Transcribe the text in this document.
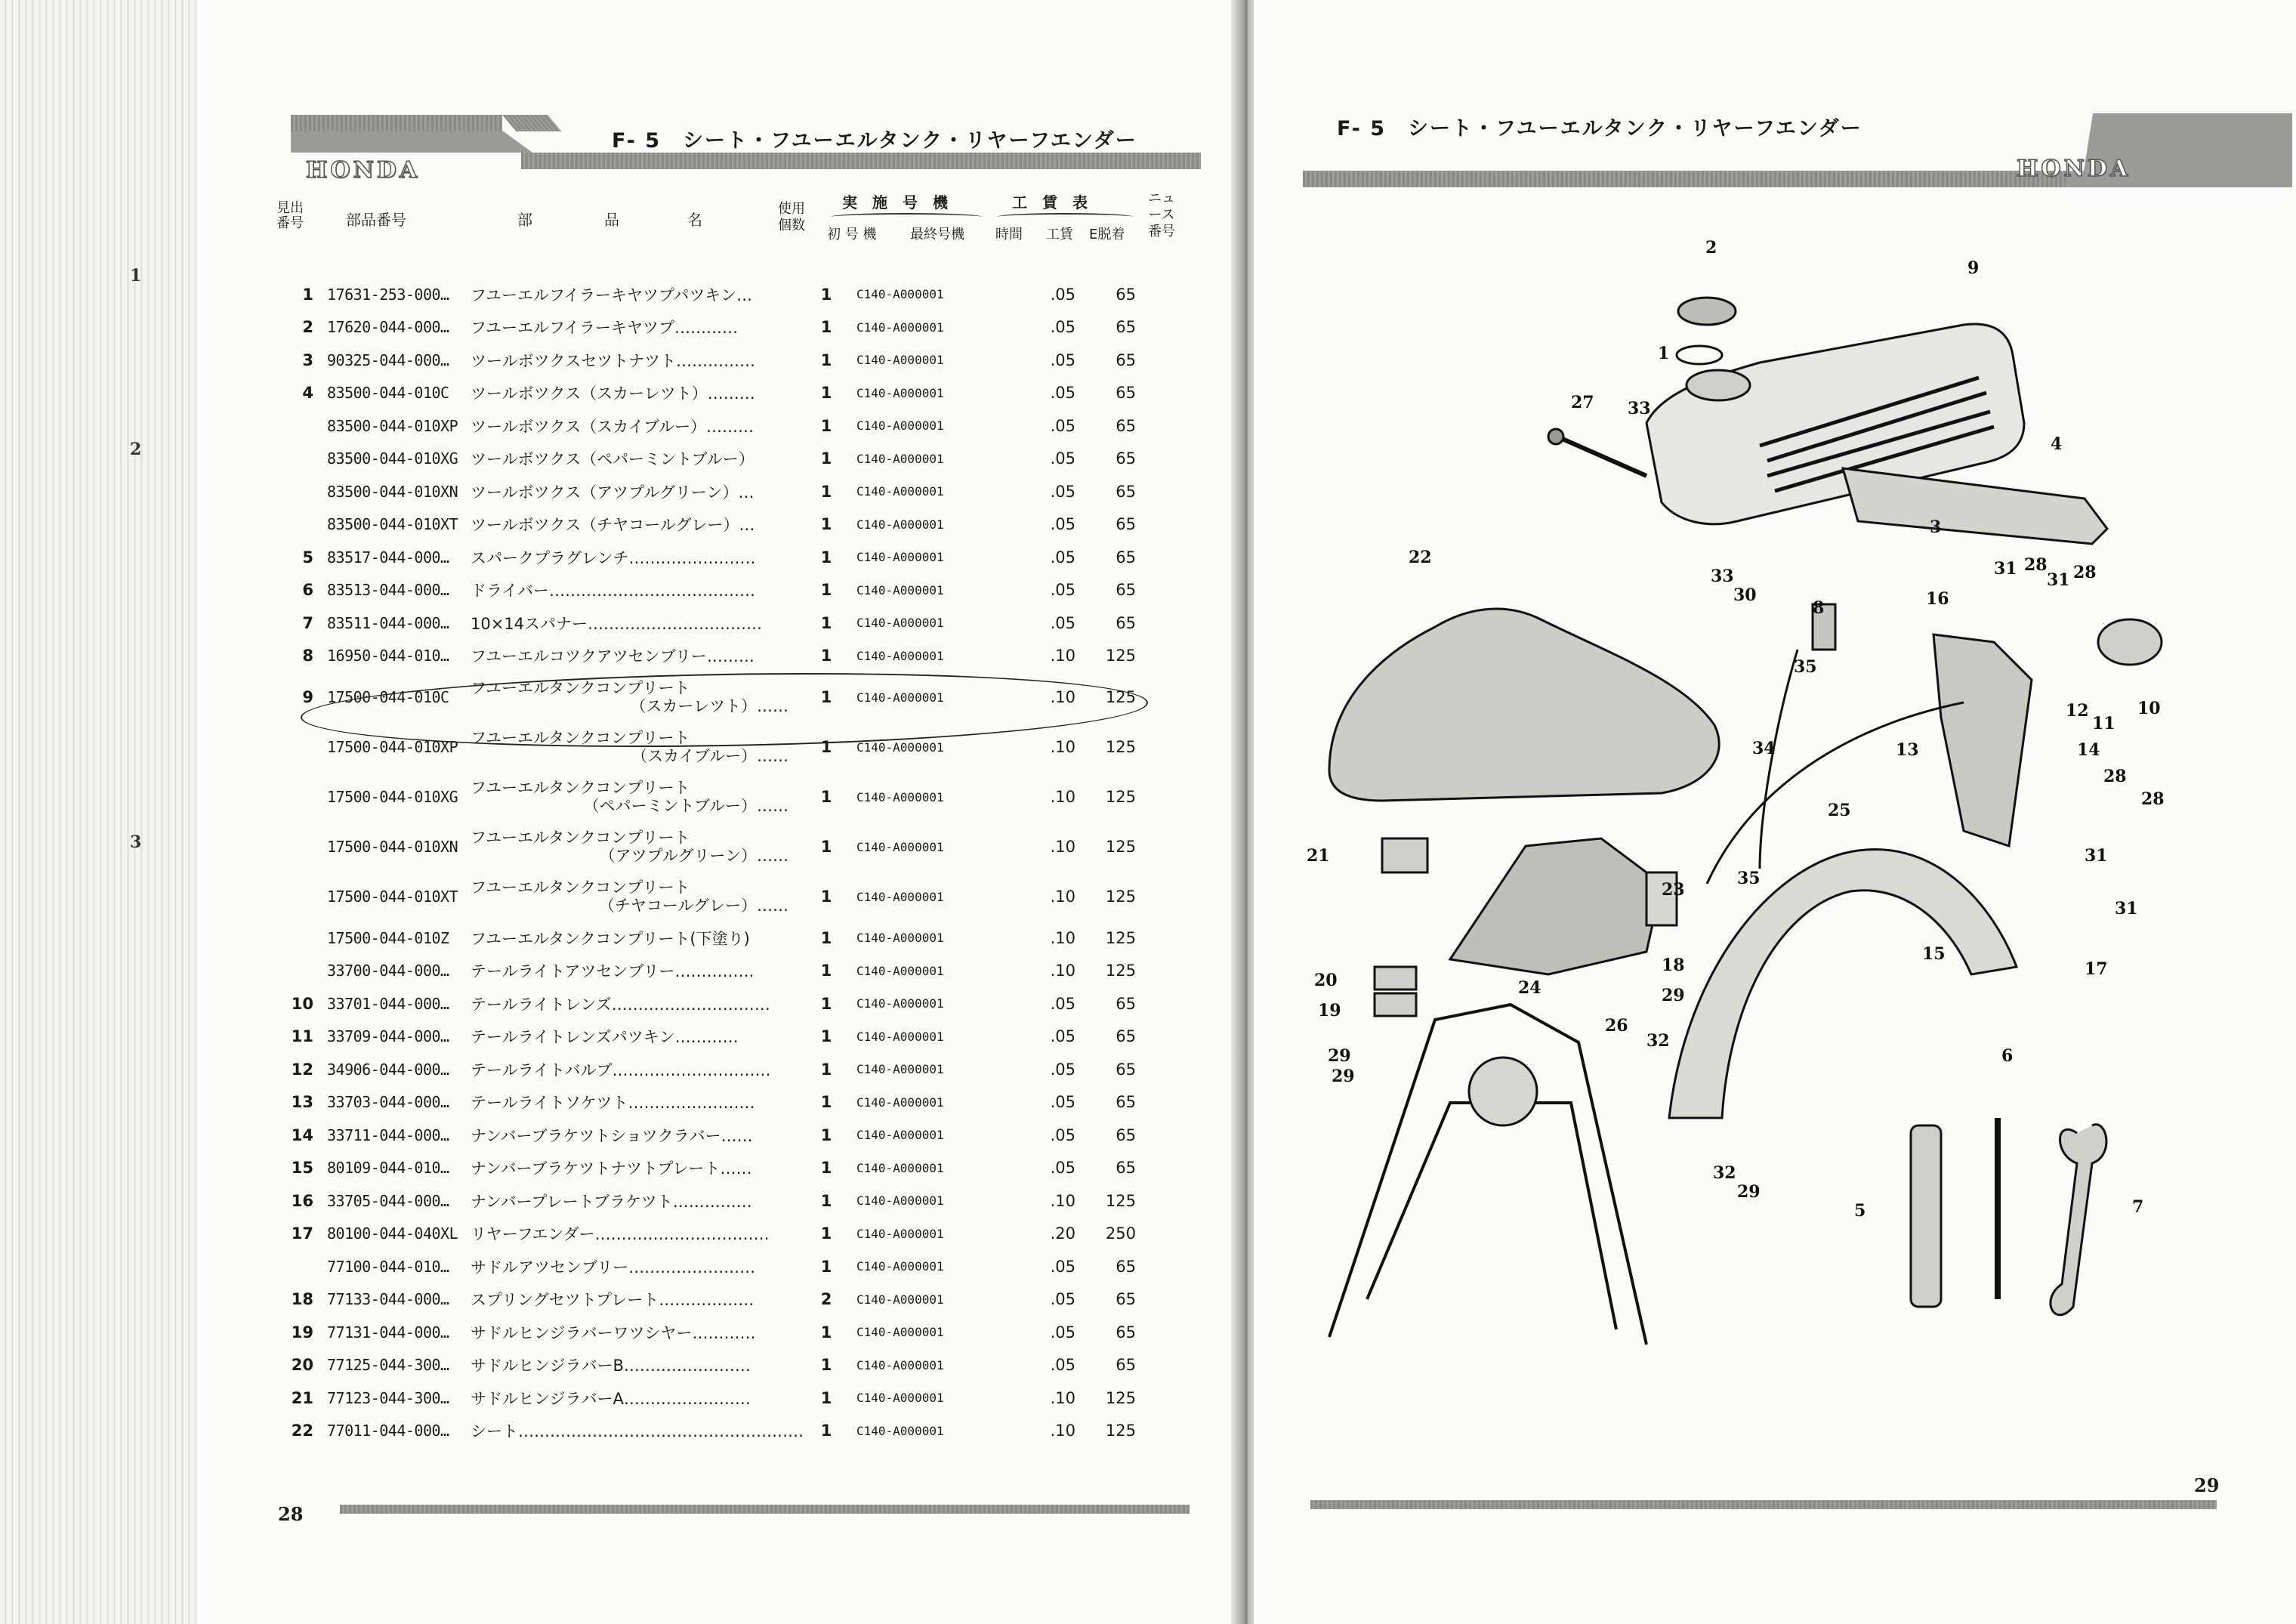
1
2
3
HONDA
F- 5　シート・フユーエルタンク・リヤーフエンダー
見出
番号	部品番号	部	品	名
使用
個数
実　施　号　機
初 号 機 最終号機
工　賃　表
時間 工賃 E脱着
ニュ
ース
番号
1	17631-253-000…	フユーエルフイラーキヤツプパツキン…	1	C140-A000001	.05	65
2	17620-044-000…	フユーエルフイラーキヤツプ…………	1	C140-A000001	.05	65
3	90325-044-000…	ツールボツクスセツトナツト……………	1	C140-A000001	.05	65
4	83500-044-010C	ツールボツクス（スカーレツト）………	1	C140-A000001	.05	65
	83500-044-010XP	ツールボツクス（スカイブルー）………	1	C140-A000001	.05	65
	83500-044-010XG	ツールボツクス（ペパーミントブルー）	1	C140-A000001	.05	65
	83500-044-010XN	ツールボツクス（アツプルグリーン）…	1	C140-A000001	.05	65
	83500-044-010XT	ツールボツクス（チヤコールグレー）…	1	C140-A000001	.05	65
5	83517-044-000…	スパークプラグレンチ……………………	1	C140-A000001	.05	65
6	83513-044-000…	ドライバー…………………………………	1	C140-A000001	.05	65
7	83511-044-000…	10×14スパナー……………………………	1	C140-A000001	.05	65
8	16950-044-010…	フユーエルコツクアツセンブリー………	1	C140-A000001	.10	125
9	17500-044-010C	フユーエルタンクコンプリート
（スカーレツト）……	1	C140-A000001	.10	125
	17500-044-010XP	フユーエルタンクコンプリート
（スカイブルー）……	1	C140-A000001	.10	125
	17500-044-010XG	フユーエルタンクコンプリート
（ペパーミントブルー）……	1	C140-A000001	.10	125
	17500-044-010XN	フユーエルタンクコンプリート
（アツプルグリーン）……	1	C140-A000001	.10	125
	17500-044-010XT	フユーエルタンクコンプリート
（チヤコールグレー）……	1	C140-A000001	.10	125
	17500-044-010Z	フユーエルタンクコンプリート(下塗り)	1	C140-A000001	.10	125
	33700-044-000…	テールライトアツセンブリー……………	1	C140-A000001	.10	125
10	33701-044-000…	テールライトレンズ…………………………	1	C140-A000001	.05	65
11	33709-044-000…	テールライトレンズパツキン…………	1	C140-A000001	.05	65
12	34906-044-000…	テールライトバルブ…………………………	1	C140-A000001	.05	65
13	33703-044-000…	テールライトソケツト……………………	1	C140-A000001	.05	65
14	33711-044-000…	ナンバーブラケツトショツクラバー……	1	C140-A000001	.05	65
15	80109-044-010…	ナンバーブラケツトナツトプレート……	1	C140-A000001	.05	65
16	33705-044-000…	ナンバープレートブラケツト……………	1	C140-A000001	.10	125
17	80100-044-040XL	リヤーフエンダー……………………………	1	C140-A000001	.20	250
	77100-044-010…	サドルアツセンブリー……………………	1	C140-A000001	.05	65
18	77133-044-000…	スプリングセツトプレート………………	2	C140-A000001	.05	65
19	77131-044-000…	サドルヒンジラバーワツシヤー…………	1	C140-A000001	.05	65
20	77125-044-300…	サドルヒンジラバーB……………………	1	C140-A000001	.05	65
21	77123-044-300…	サドルヒンジラバーA……………………	1	C140-A000001	.10	125
22	77011-044-000…	シート………………………………………………	1	C140-A000001	.10	125
28
F- 5　シート・フユーエルタンク・リヤーフエンダー
HONDA
29
2
1
9
27 33
4
3
33
30
22
8
35
16
31 28
31 28
34	13
12
11
10
14
28
28
31
31
25
35
21
23
20
19
24
18
29
15
17
29
29
26
32
6
32
29
5	7
